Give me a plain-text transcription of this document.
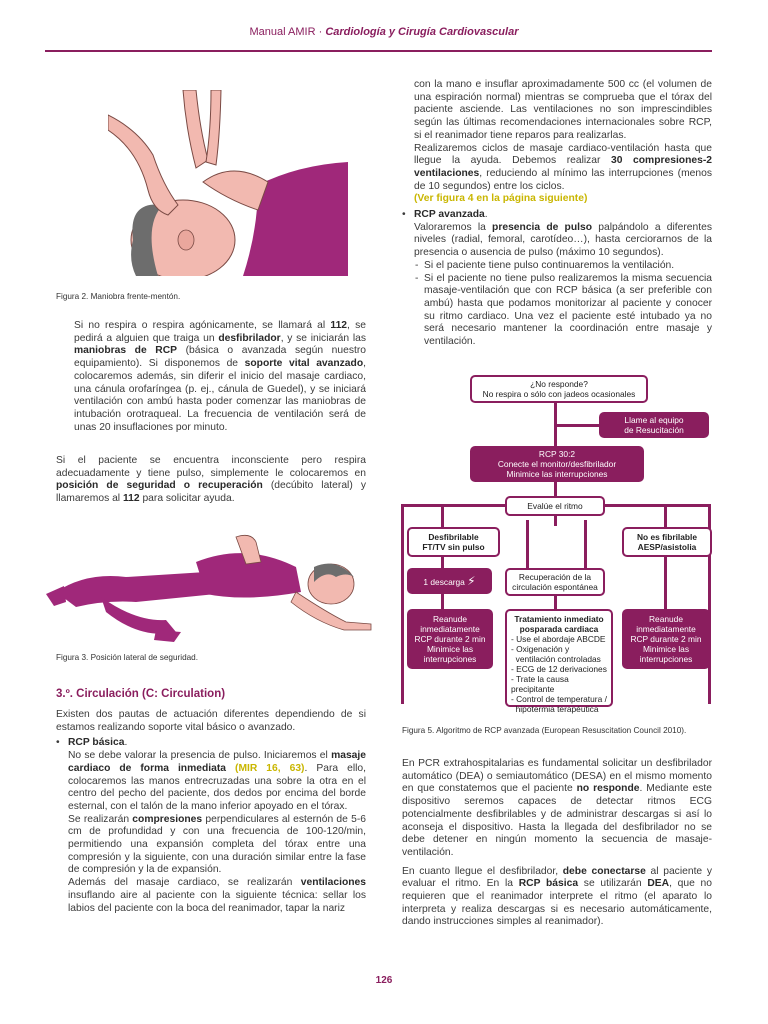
Manual AMIR · Cardiología y Cirugía Cardiovascular
Figura 2. Maniobra frente-mentón.

Si no respira o respira agónicamente, se llamará al 112, se pedirá a alguien que traiga un desfibrilador, y se iniciarán las maniobras de RCP (básica o avanzada según nuestro equipamiento). Si disponemos de soporte vital avanzado, colocaremos además, sin diferir el inicio del masaje cardiaco, una cánula orofaríngea (p. ej., cánula de Guedel), y se iniciará ventilación con ambú hasta poder comenzar las maniobras de intubación orotraqueal. La frecuencia de ventilación será de unas 20 insuflaciones por minuto.

Si el paciente se encuentra inconsciente pero respira adecuadamente y tiene pulso, simplemente le colocaremos en posición de seguridad o recuperación (decúbito lateral) y llamaremos al 112 para solicitar ayuda.

Figura 3. Posición lateral de seguridad.
3.º. Circulación (C: Circulation)

Existen dos pautas de actuación diferentes dependiendo de si estamos realizando soporte vital básico o avanzado.

• RCP básica.
No se debe valorar la presencia de pulso. Iniciaremos el masaje cardiaco de forma inmediata (MIR 16, 63). Para ello, colocaremos las manos entrecruzadas una sobre la otra en el centro del pecho del paciente, dos dedos por encima del borde esternal, con el talón de la mano inferior apoyado en el tórax.
Se realizarán compresiones perpendiculares al esternón de 5-6 cm de profundidad y con una frecuencia de 100-120/min, permitiendo una expansión completa del tórax entre una compresión y la siguiente, con una duración similar entre la fase de compresión y la de expansión.
Además del masaje cardiaco, se realizarán ventilaciones insuflando aire al paciente con la siguiente técnica: sellar los labios del paciente con la boca del reanimador, tapar la nariz
con la mano e insuflar aproximadamente 500 cc (el volumen de una espiración normal) mientras se comprueba que el tórax del paciente asciende. Las ventilaciones no son imprescindibles según las últimas recomendaciones internacionales sobre RCP, si el reanimador tiene reparos para realizarlas.
Realizaremos ciclos de masaje cardiaco-ventilación hasta que llegue la ayuda. Debemos realizar 30 compresiones-2 ventilaciones, reduciendo al mínimo las interrupciones (menos de 10 segundos) entre los ciclos.
(Ver figura 4 en la página siguiente)
• RCP avanzada.
Valoraremos la presencia de pulso palpándolo a diferentes niveles (radial, femoral, carotídeo…), hasta cerciorarnos de la presencia o ausencia de pulso (máximo 10 segundos).
- Si el paciente tiene pulso continuaremos la ventilación.
- Si el paciente no tiene pulso realizaremos la misma secuencia masaje-ventilación que con RCP básica (a ser preferible con ambú) hasta que podamos monitorizar al paciente y conocer su ritmo cardiaco. Una vez el paciente esté intubado ya no será necesario mantener la coordinación entre masaje y ventilación.
¿No responde?
No respira o sólo con jadeos ocasionales
Llame al equipo
de Resucitación
RCP 30:2
Conecte el monitor/desfibrilador
Minimice las interrupciones
Evalúe el ritmo
Desfibrilable
FT/TV sin pulso
No es fibrilable
AESP/asistolia
1 descarga ⚡	Recuperación de la
circulación espontánea
Reanude
inmediatamente
RCP durante 2 min
Minimice las
interrupciones
Tratamiento inmediato
posparada cardiaca
- Use el abordaje ABCDE
- Oxigenación y
ventilación controladas
- ECG de 12 derivaciones
- Trate la causa precipitante
- Control de temperatura /
hipotermia terapéutica
Reanude
inmediatamente
RCP durante 2 min
Minimice las
interrupciones
Figura 5. Algoritmo de RCP avanzada (European Resuscitation Council 2010).

En PCR extrahospitalarias es fundamental solicitar un desfibrilador automático (DEA) o semiautomático (DESA) en el mismo momento en que constatemos que el paciente no responde. Mediante este dispositivo seremos capaces de detectar ritmos ECG potencialmente desfibrilables y de administrar descargas si así lo aconseja el dispositivo. Hasta la llegada del desfibrilador no se debe detener en ningún momento la secuencia de masaje-ventilación.

En cuanto llegue el desfibrilador, debe conectarse al paciente y evaluar el ritmo. En la RCP básica se utilizarán DEA, que no requieren que el reanimador interprete el ritmo (el aparato lo interpreta y realiza descargas si es necesario automáticamente, dando instrucciones simples al reanimador).

126
